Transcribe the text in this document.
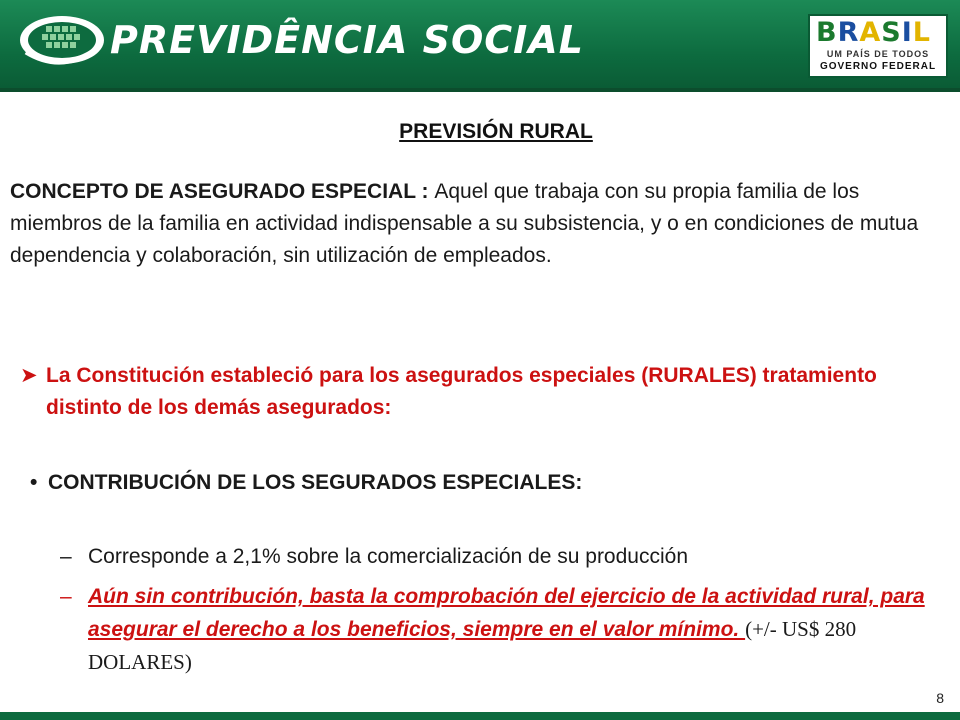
PREVIDÊNCIA SOCIAL	BRASIL
UM PAÍS DE TODOS
GOVERNO FEDERAL
PREVISIÓN RURAL
CONCEPTO DE ASEGURADO ESPECIAL : Aquel que trabaja con su propia familia de los miembros de la familia en actividad indispensable a su subsistencia, y o en condiciones de mutua dependencia y colaboración, sin utilización de empleados.
➤ La Constitución estableció para los asegurados especiales (RURALES) tratamiento distinto de los demás asegurados:
• CONTRIBUCIÓN DE LOS SEGURADOS ESPECIALES:
– Corresponde a 2,1% sobre la comercialización de su producción
– Aún sin contribución, basta la comprobación del ejercicio de la actividad rural, para asegurar el derecho a los beneficios, siempre en el valor mínimo. (+/- US$ 280 DOLARES)
8
